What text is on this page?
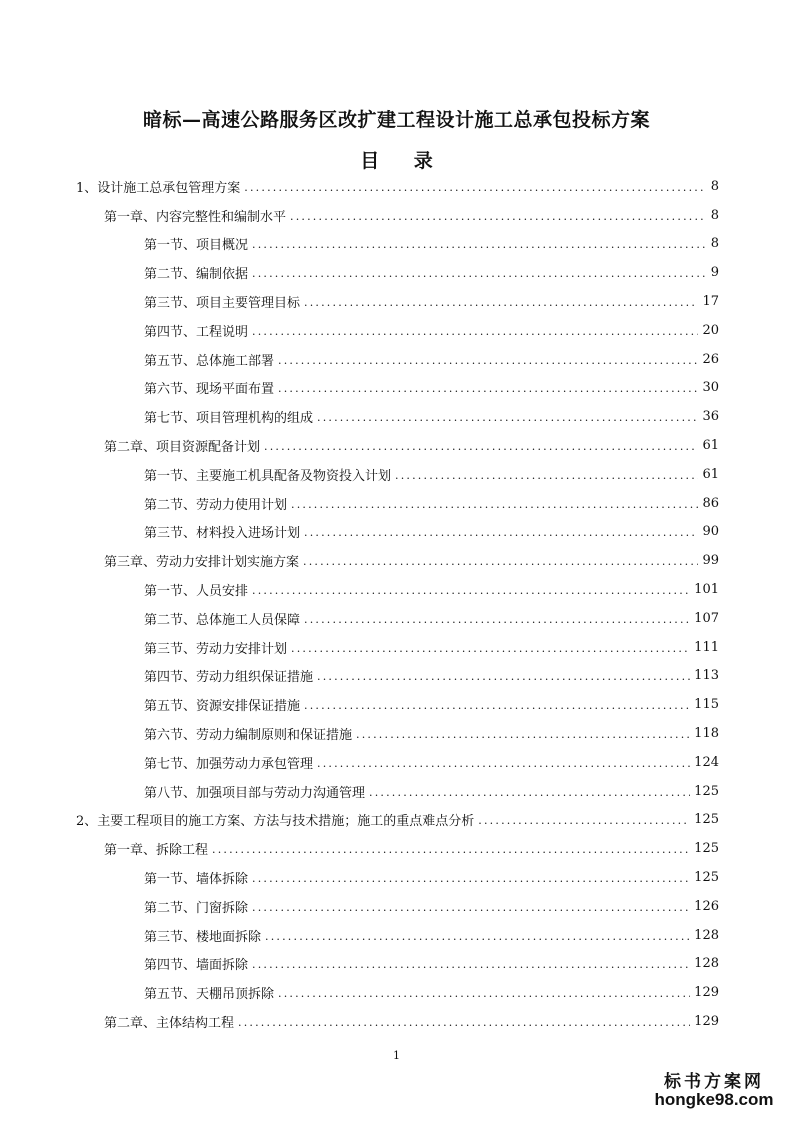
暗标—高速公路服务区改扩建工程设计施工总承包投标方案
目 录
1、设计施工总承包管理方案 .....	8
第一章、内容完整性和编制水平 .....	8
第一节、项目概况 .....	8
第二节、编制依据 .....	9
第三节、项目主要管理目标 .....	17
第四节、工程说明 .....	20
第五节、总体施工部署 .....	26
第六节、现场平面布置 .....	30
第七节、项目管理机构的组成 .....	36
第二章、项目资源配备计划 .....	61
第一节、主要施工机具配备及物资投入计划 .....	61
第二节、劳动力使用计划 .....	86
第三节、材料投入进场计划 .....	90
第三章、劳动力安排计划实施方案 .....	99
第一节、人员安排 .....	101
第二节、总体施工人员保障 .....	107
第三节、劳动力安排计划 .....	111
第四节、劳动力组织保证措施 .....	113
第五节、资源安排保证措施 .....	115
第六节、劳动力编制原则和保证措施 .....	118
第七节、加强劳动力承包管理 .....	124
第八节、加强项目部与劳动力沟通管理 .....	125
2、主要工程项目的施工方案、方法与技术措施；施工的重点难点分析 .....	125
第一章、拆除工程 .....	125
第一节、墙体拆除 .....	125
第二节、门窗拆除 .....	126
第三节、楼地面拆除 .....	128
第四节、墙面拆除 .....	128
第五节、天棚吊顶拆除 .....	129
第二章、主体结构工程 .....	129
1
标书方案网
hongke98.com
